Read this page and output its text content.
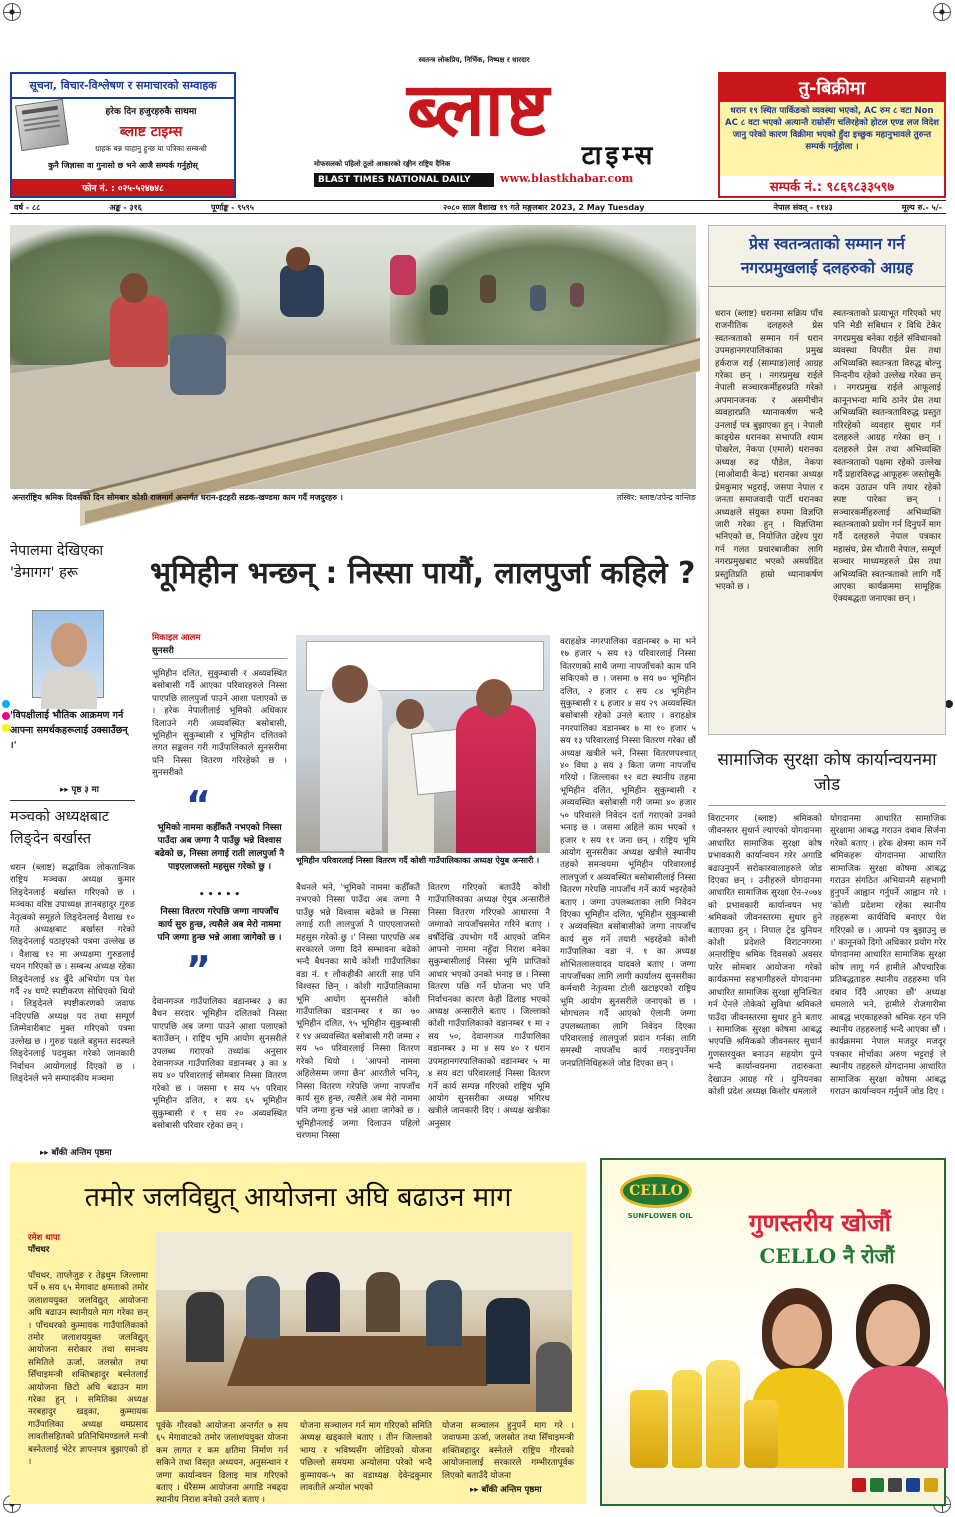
सूचना, विचार-विश्लेषण र समाचारको सम्वाहक
हरेक दिन हजुरहरुकै साथमा
ब्लाष्ट टाइम्स
ग्राहक बन्न चाहानु हुन्छ या पत्रिका सम्बन्धी
कुनै जिज्ञासा वा गुनासो छ भने आजै सम्पर्क गर्नुहोस्
फोन नं. : ०२५-५२४७४८
स्वतन्त्र लोकप्रिय, निर्भिक, निष्पक्ष र धारदार
ब्लाष्ट
टाइम्स
मोफसलको पहिलो ठूलो आकारको रङ्गीन राष्ट्रिय दैनिक
BLAST TIMES NATIONAL DAILY	www.blastkhabar.com
तु-बिक्रीमा
धरान १९ स्थित पार्किङको व्यवस्था भएको, AC रुम ८ वटा Non AC ८ वटा भएको अत्यान्तै राम्रोसँग चलिरहेको होटल एण्ड लज विदेश जानु परेको कारण विक्रीमा भएको हुँदा इच्छुक महानुभावले तुरुन्त सम्पर्क गर्नुहोला ।
सम्पर्क नं.: ९८६९८३३५९७
वर्ष - ८८	अङ्क - ३१६	पूर्णाङ्क - ९५९५	२०८० साल वैशाख १९ गते मङ्गलबार 2023, 2 May Tuesday	नेपाल संवत् - ११४३	मूल्य रु.- ५/-
अन्तर्राष्ट्रिय श्रमिक दिवसको दिन सोमबार कोशी राजमार्ग अन्तर्गत धरान-इटहरी सडक-खण्डमा काम गर्दै मजदुरहरु ।	तस्विर: ब्लाष्ट/उपेन्द्र वान्तिङ
प्रेस स्वतन्त्रताको सम्मान गर्न नगरप्रमुखलाई दलहरुको आग्रह
धरान (ब्लाष्ट) धरानमा सक्रिय पाँच राजनीतिक दलहरुले प्रेस स्वतन्त्रताको सम्मान गर्न धरान उपमहानगरपालिकाका प्रमुख हर्कराज राई (साम्पाङ)लाई आग्रह गरेका छन् । नगरप्रमुख राईले नेपाली सञ्चारकर्मीहरुप्रति गरेको अपमानजनक र असमीचीन व्यवहारप्रति ध्यानाकर्षण भन्दै उनलाई पत्र बुझाएका हुन् । नेपाली काङ्ग्रेस धरानका सभापति श्याम पोखरेल, नेकपा (एमाले) धरानका अध्यक्ष रुद्र पौडेल, नेकपा (माओवादी केन्द्र) धरानका अध्यक्ष प्रेमकुमार भट्टराई, जसपा नेपाल र जनता समाजवादी पार्टी धरानका अध्यक्षले संयुक्त रुपमा विज्ञप्ति जारी गरेका हुन् । विज्ञप्तिमा भनिएको छ, नियोजित उद्देश्य पुरा गर्न गलत प्रचारबाजीका लागि नगरप्रमुखबाट भएको अमर्यादित प्रस्तुतिप्रति हाम्रो ध्यानाकर्षण भएको छ ।
स्वतन्त्रताको प्रत्याभूत गरिएको भए पनि मेडी सबिधान र विधि टेकेर नगरप्रमुख बनेका राईले संविधानको व्यवस्था विपरीत प्रेस तथा अभिव्यक्ति स्वतन्त्रता विरुद्ध बोल्नु निन्दनीय रहेको उल्लेख गरेका छन् । नगरप्रमुख राईले आफूलाई कानूनभन्दा माथि ठानेर प्रेस तथा अभिव्यक्ति स्वतन्त्रताविरुद्ध प्रस्तुत गरिरहेको व्यवहार सुधार गर्न दलहरुले आग्रह गरेका छन् । दलहरुले प्रेस तथा अभिव्यक्ति स्वतन्त्रताको पक्षमा रहेको उल्लेख गर्दै प्रहारविरुद्ध आफूहरू जस्तोसुकै कदम उठाउन पनि तयार रहेको स्पष्ट पारेका छन् । सञ्चारकर्मीहरुलाई अभिव्यक्ति स्वतन्त्रताको प्रयोग गर्न दिनुपर्ने माग गर्दै दलहरुले नेपाल पत्रकार महासंघ, प्रेस चौतारी नेपाल, सम्पूर्ण सञ्चार माध्यमहरुले प्रेस तथा अभिव्यक्ति स्वतन्त्रताको लागि गर्दै आएका कार्यक्रममा सामूहिक ऐक्यबद्धता जनाएका छन् ।
नेपालमा देखिएका 'डेमागग' हरू
'विपक्षीलाई भौतिक आक्रमण गर्न आफ्ना समर्थकहरूलाई उक्साउँछन् ।'
▸▸ पृष्ठ ३ मा
मञ्चको अध्यक्षबाट लिङ्देन बर्खास्त
धरान (ब्लाष्ट) सद्भाविक लोकतान्त्रिक राष्ट्रिय मञ्चका अध्यक्ष कुमार लिङ्देनलाई बर्खास्त गरिएको छ । मञ्चका वरिष्ठ उपाध्यक्ष ज्ञानबहादुर गुरुङ नेतृत्वको समूहले लिङ्देनलाई वैशाख १० गते अध्यक्षबाट बर्खास्त गरेको लिङ्देनलाई पठाइएको पत्रमा उल्लेख छ । वैशाख १२ मा अध्यक्षमा गुरुङलाई चयन गरिएको छ । सम्बन्ध अध्यक्ष रहेका लिङ्देनलाई ४४ बुँदे अभियोग पत्र पेश गर्दै २४ घण्टे स्पष्टीकरण सोधिएको थियो । लिङ्देनले स्पष्टीकरणको जवाफ नदिएपछि अध्यक्ष पद तथा सम्पूर्ण जिम्मेवारीबाट मुक्त गरिएको पत्रमा उल्लेख छ । गुरुङ पक्षले बहुमत सदस्यले लिङ्देनलाई पदमुक्त गरेको जानकारी निर्वाचन आयोगलाई दिएको छ । लिङ्देनले भने सम्पादकीय मञ्चमा
▸▸ बाँकी अन्तिम पृष्ठमा
भूमिहीन भन्छन् : निस्सा पायौं, लालपुर्जा कहिले ?
मिकाइल आलम
सुनसरी
भूमिहीन दलित, सुकुम्बासी र अव्यवस्थित बसोबासी गर्दै आएका परिवारहरुले निस्सा पाएपछि लालपुर्जा पाउने आशा पलाएको छ । हरेक नेपालीलाई भूमिको अधिकार दिलाउने गरी अव्यवस्थित बसोबासी, भूमिहीन सुकुम्बासी र भूमिहीन दलितको लगत सङ्कलन गरी गाउँपालिकाले सुनसरीमा पनि निस्सा वितरण गरिरहेको छ । सुनसरीको
“
भूमिको नाममा कहीँकतै नभएको निस्सा पाउँदा अब जग्गा नै पाउँछु भन्ने विश्वास बढेको छ, निस्सा लगाई राती लालपुर्जा नै पाइएलाजस्तो महसुस गरेको छु ।
• • • • •
निस्सा वितरण गरेपछि जग्गा नापजाँच कार्य सुरु हुन्छ, त्यसैले अब मेरो नाममा पनि जग्गा हुन्छ भन्ने आशा जागेको छ ।
”
देवानगञ्ज गाउँपालिका वडानम्बर ३ का वैधन सरदार भूमिहीन दलितको निस्सा पाएपछि अब जग्गा पाउने आशा पलाएको बताउँछन् । राष्ट्रिय भूमि आयोग सुनसरीले उपलब्ध गराएको तथ्यांक अनुसार देवानगञ्ज गाउँपालिका वडानम्बर ३ का ४ सय ४० परिवारलाई सोमबार निस्सा वितरण गरेको छ । जसमा १ सय ५५ परिवार भूमिहीन दलित, १ सय ६५ भूमिहीन सुकुम्बासी र १ सय २० अव्यवस्थित बसोबासी परिवार रहेका छन् ।
भूमिहीन परिवारलाई निस्सा वितरण गर्दै कोशी गाउँपालिकाका अध्यक्ष ऐयुब अन्सारी ।
बैधनले भने, 'भूमिको नाममा कहीँकतै नभएको निस्सा पाउँदा अब जग्गा नै पाउँछु भन्ने विश्वास बढेको छ निस्सा लगाई राती लालपुर्जा नै पाएएलाजस्तो महसुस गरेको छु ।' निस्सा पाएपछि अब सरकारले जग्गा दिने सम्भावना बढेको भन्दै बैधनका साथै कोशी गाउँपालिका वडा नं. १ लौकहीकी आरती साह पनि विश्वस्त छिन् । कोशी गाउँपालिकामा भूमि आयोग सुनसरीले कोशी गाउँपालिका वडानम्बर १ का ७० भूमिहीन दलित, ९५ भूमिहीन सुकुम्बासी र ९४ अव्यवस्थित बसोबासी गरी जम्मा २ सय ५० परिवारलाई निस्सा वितरण गरेको थियो । 'आफ्नो नाममा अहिलेसम्म जग्गा छैन' आरतीले भनिन्, निस्सा वितरण गरेपछि जग्गा नापजाँच कार्य सुरु हुन्छ, त्यसैले अब मेरो नाममा पनि जग्गा हुन्छ भन्ने आशा जागेको छ । भूमिहीनलाई जग्गा दिलाउन पहिलो चरणमा निस्सा
वितरण गरिएको बताउँदै कोशी गाउँपालिकाका अध्यक्ष ऐयुब अन्सारीले निस्सा वितरण गरिएको आधारमा नै जग्गाको नापजाँचसमेत गरिने बताए । वर्षौंदेखि उपभोग गर्दै आएको जमिन आफ्नो नाममा नहुँदा निराश बनेका सुकुम्बासीलाई निस्सा भूमि प्राप्तिको आधार भएको उनको भनाइ छ । निस्सा वितरण पछि गर्ने योजना भए पनि निर्वाचनका कारण केही ढिलाइ भएको अध्यक्ष अन्सारीले बताए । जिल्लाको कोशी गाउँपालिकाको वडानम्बर १ मा २ सय ५०, देवानगञ्ज गाउँपालिका वडानम्बर ३ मा ४ सय ४० र धरान उपमहानगरपालिकाको वडानम्बर ५ मा ४ सय वटा परिवारलाई निस्सा वितरण गर्ने कार्य सम्पन्न गरिएको राष्ट्रिय भूमि आयोग सुनसरीका अध्यक्ष भगिरथ खत्रीले जानकारी दिए । अध्यक्ष खत्रीका अनुसार
वराहक्षेत्र नगरपालिका वडानम्बर ७ मा भने १७ हजार ५ सय १३ परिवारलाई निस्सा वितरणको साथै जग्गा नापजाँचको काम पनि सकिएको छ । जसमा ७ सय ७० भूमिहीन दलित, २ हजार ८ सय ८४ भूमिहीन सुकुम्बासी र ६ हजार ४ सय २९ अव्यवस्थित बसोबासी रहेको उनले बताए । वराहक्षेत्र नगरपालिका वडानम्बर ७ मा १० हजार ५ सय १३ परिवारलाई निस्सा वितरण गरेका छौं अध्यक्ष खत्रीले भने, निस्सा वितरणपश्चात् ४० विघा ३ सय ३ किता जग्गा नापजाँच गरियो । जिल्लाका १२ वटा स्थानीय तहमा भूमिहीन दलित, भूमिहीन सुकुम्बासी र अव्यवस्थित बसोबासी गरी जम्मा ४० हजार ५० परिवारले निवेदन दर्ता गराएको उनको भनाइ छ । जसमा अहिले काम भएको १ हजार १ सय ११ जना छन् । राष्ट्रिय भूमि आयोग सुनसरीका अध्यक्ष खत्रीले स्थानीय तहको समन्वयमा भूमिहीन परिवारलाई लालपुर्जा र अव्यवस्थित बसोबासीलाई निस्सा वितरण गरेपछि नापजाँच गर्ने कार्य भइरहेको बताए । जग्गा उपलब्धताका लागि निवेदन दिएका भूमिहीन दलित, भूमिहीन सुकुम्बासी र अव्यवस्थित बसोबासीको जग्गा नापजाँच कार्य सुरु गर्ने तयारी भइरहेको कोशी गाउँपालिका वडा नं. १ का अध्यक्ष शोभितलालयादव यादवले बताए । जग्गा नापजाँचका लागि लागी कार्यालय सुनसरीका कर्मचारी नेतृत्वमा टोली खटाइएको राष्ट्रिय भूमि आयोग सुनसरीले जनाएको छ । भोगचलन गर्दै आएको ऐलानी जग्गा उपलब्धताका लागि निवेदन दिएका परिवारलाई लालपुर्जा प्रदान गर्नका लागि समस्थी नापजाँच कार्य गराइनुपर्नेमा जनप्रतिनिधिहरूले जोड दिएका छन् ।
सामाजिक सुरक्षा कोष कार्यान्वयनमा जोड
विराटनगर (ब्लाष्ट) श्रमिकको जीवनस्तर सुधार्न ल्याएको योगदानमा आधारित सामाजिक सुरक्षा कोष प्रभावकारी कार्यान्वयन गरेर अगाडि बढाउनुपर्ने सरोकारवालाहरुले जोड दिएका छन् । उनीहरुले योगदानमा आधारित सामाजिक सुरक्षा ऐन-२०७४ को प्रभावकारी कार्यान्वयन भए श्रमिकको जीवनस्तरमा सुधार हुने बताएका हुन् । निपाल ट्रेड युनियन कोशी प्रदेशले विराटनगरमा अन्तर्राष्ट्रिय श्रमिक दिवसको अवसर पारेर सोमबार आयोजना गरेको कार्यक्रममा सहभागीहरुले योगदानमा आधारित सामाजिक सुरक्षा सुनिश्चित गर्न ऐनले तोकेको सुविधा श्रमिकले पाउँदा जीवनस्तरमा सुधार हुने बताए । सामाजिक सुरक्षा कोषमा आबद्ध भएपछि श्रमिकको जीवनस्तर सुधार्न गुणस्तरयुक्त बनाउन सहयोग पुग्ने भन्दै कार्यान्वयनमा तदारुकता देखाउन आग्रह गरे । युनियनका कोशी प्रदेश अध्यक्ष किशोर धमलाले
योगदानमा आधारित सामाजिक सुरक्षामा आबद्ध गराउन दबाव सिर्जना गरेको बताए । हरेक क्षेत्रमा काम गर्ने श्रमिकहरू योगदानमा आधारित सामाजिक सुरक्षा कोषमा आबद्ध गराउन संगठित अभियानमै सहभागी हुनुपर्ने आह्वान गर्नुपर्ने आह्वान गरे । 'कोशी प्रदेशमा रहेका स्थानीय तहहरूमा कार्यविधि बनाएर पेश गरिएको छ । आफ्नो पत्र बुझाउनु छ ।' कानूनको दिगो अधिकार प्रयोग गरेर योगदानमा आधारित सामाजिक सुरक्षा कोष लागू गर्न हामीले औपचारिक प्रतिबद्धताहरु स्थानीय तहहरुमा पनि दबाव दिँदै आएका छौं' अध्यक्ष धमलाले भने, हामीले रोजगारीमा आबद्ध भएकाहरुको श्रमिक रहन पनि स्थानीय तहहरुलाई भन्दै आएका छौं । कार्यक्रममा नेपाल मजदुर मजदूर पत्रकार मोर्चाका अरुण भट्टराई ले स्थानीय तहहरुले योगदानमा आधारित सामाजिक सुरक्षा कोषमा आबद्ध गराउन कार्यान्वयन गर्नुपर्ने जोड दिए ।
तमोर जलविद्युत् आयोजना अघि बढाउन माग
रमेश थापा
पाँचथर
पाँचथर, ताप्लेजुङ र तेह्रथुम जिल्लामा पर्ने ७ सय ६५ मेगावाट क्षमताको तमोर जलाशययुक्त जलविद्युत् आयोजना अघि बढाउन स्थानीयले माग गरेका छन् । पाँचथरको कुम्मायक गाउँपालिकाको तमोर जलाशययुक्त जलविद्युत् आयोजना सरोकार तथा समन्वय समितिले ऊर्जा, जलस्रोत तथा सिँचाइमन्त्री शक्तिबहादुर बस्नेतलाई आयोजना छिटो अघि बढाउन माग गरेका हुन् । समितिका अध्यक्ष नरबहादुर खड्का, कुम्मायक गाउँपालिका अध्यक्ष थमप्रसाद लावतीसहितको प्रतिनिधिमण्डलले मन्त्री बस्नेतलाई भेटेर ज्ञापनपत्र बुझाएको हो ।
पूर्वके गौरवको आयोजना अन्तर्गत ७ सय ६५ मेगावाटको तमोर जलाशययुक्त योजना कम लागत र कम क्षतिमा निर्माण गर्न सकिने तथा विस्तृत अध्ययन, अनुसन्धान र जग्गा कार्यान्वयन ढिलाइ मात्र गरिएको बताए । धेरैसम्म आयोजना अगाडि नबढ्दा स्थानीय निराश बनेको उनले बताए ।
योजना सञ्चालन गर्न माग गरिएको समिति अध्यक्ष खड्काले बताए । तीन जिल्लाको भाग्य र भविष्यसँग जोडिएको योजना पछिल्लो समयमा अन्योलमा परेको भन्दै कुम्मायक-५ का वडाध्यक्ष देवेन्द्रकुमार लावतीले अन्योल भएको
योजना सञ्चालन हुनुपर्ने माग गरे । जवाफमा ऊर्जा, जलस्रोत तथा सिँचाइमन्त्री शक्तिबहादुर बस्नेतले राष्ट्रिय गौरवको आयोजनालाई सरकारले गम्भीरतापूर्वक लिएको बताउँदै योजना
▸▸ बाँकी अन्तिम पृष्ठमा
CELLO
SUNFLOWER OIL	गुणस्तरीय खोजौं
CELLO नै रोजौं
